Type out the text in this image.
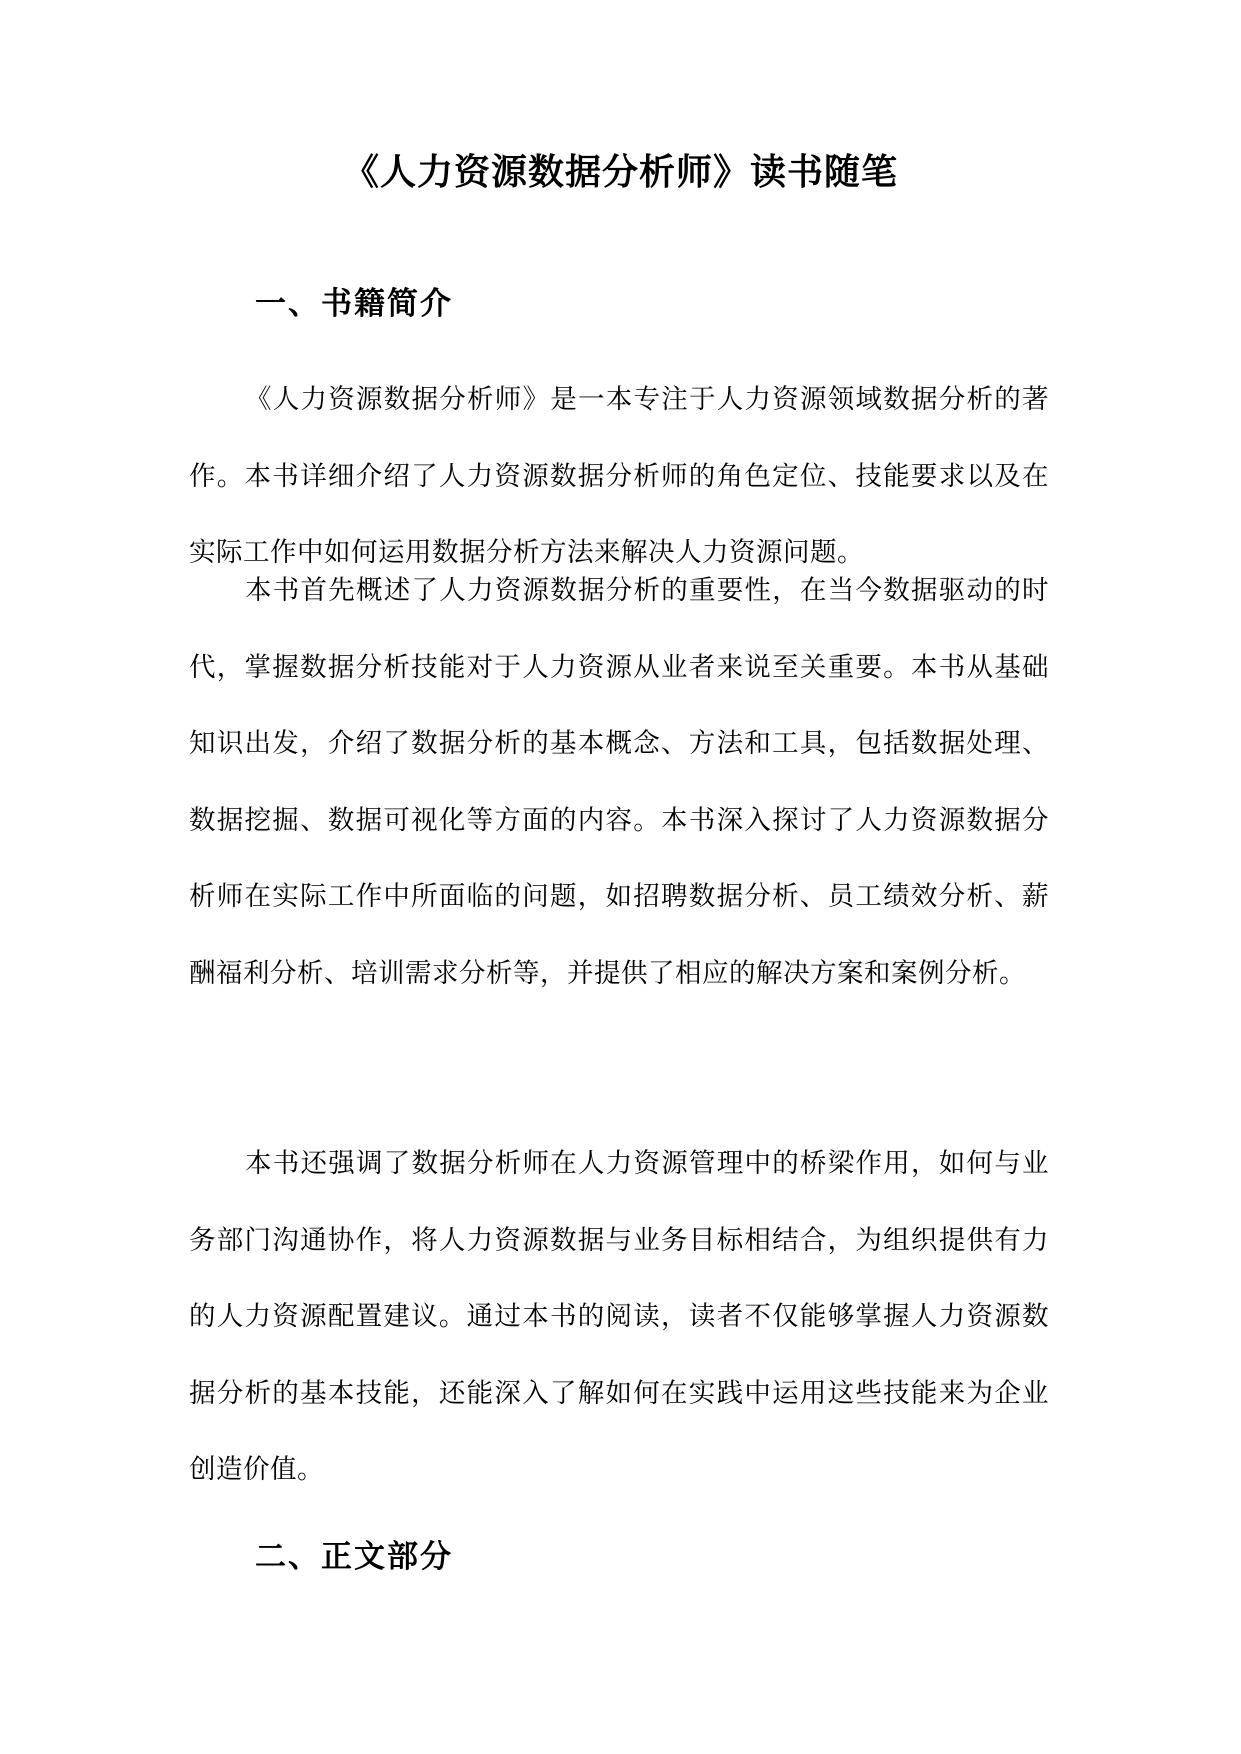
《人力资源数据分析师》读书随笔
一、书籍简介

《人力资源数据分析师》是一本专注于人力资源领域数据分析的著作。本书详细介绍了人力资源数据分析师的角色定位、技能要求以及在实际工作中如何运用数据分析方法来解决人力资源问题。

本书首先概述了人力资源数据分析的重要性，在当今数据驱动的时代，掌握数据分析技能对于人力资源从业者来说至关重要。本书从基础知识出发，介绍了数据分析的基本概念、方法和工具，包括数据处理、数据挖掘、数据可视化等方面的内容。本书深入探讨了人力资源数据分析师在实际工作中所面临的问题，如招聘数据分析、员工绩效分析、薪酬福利分析、培训需求分析等，并提供了相应的解决方案和案例分析。

本书还强调了数据分析师在人力资源管理中的桥梁作用，如何与业务部门沟通协作，将人力资源数据与业务目标相结合，为组织提供有力的人力资源配置建议。通过本书的阅读，读者不仅能够掌握人力资源数据分析的基本技能，还能深入了解如何在实践中运用这些技能来为企业创造价值。

二、正文部分
